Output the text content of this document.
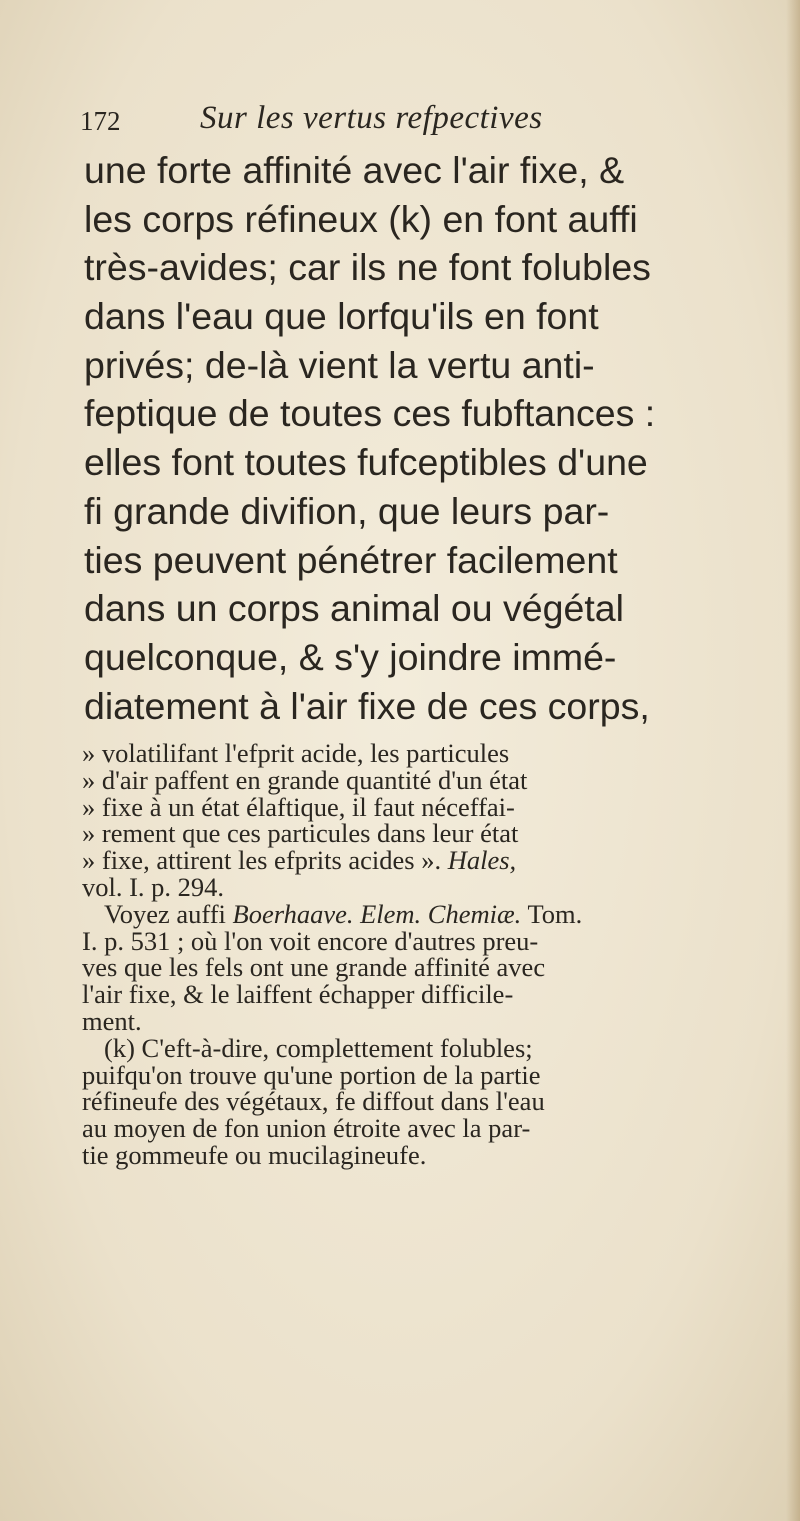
172 Sur les vertus refpectives
une forte affinité avec l'air fixe, &
les corps réfineux (k) en font auffi
très-avides; car ils ne font folubles
dans l'eau que lorfqu'ils en font
privés; de-là vient la vertu anti-
feptique de toutes ces fubftances :
elles font toutes fufceptibles d'une
fi grande divifion, que leurs par-
ties peuvent pénétrer facilement
dans un corps animal ou végétal
quelconque, & s'y joindre immé-
diatement à l'air fixe de ces corps,
» volatilifant l'efprit acide, les particules
» d'air paffent en grande quantité d'un état
» fixe à un état élaftique, il faut néceffai-
» rement que ces particules dans leur état
» fixe, attirent les efprits acides ». Hales,
vol. I. p. 294.
Voyez auffi Boerhaave. Elem. Chemiæ. Tom.
I. p. 531 ; où l'on voit encore d'autres preu-
ves que les fels ont une grande affinité avec
l'air fixe, & le laiffent échapper difficile-
ment.
(k) C'eft-à-dire, complettement folubles;
puifqu'on trouve qu'une portion de la partie
réfineufe des végétaux, fe diffout dans l'eau
au moyen de fon union étroite avec la par-
tie gommeufe ou mucilagineufe.
